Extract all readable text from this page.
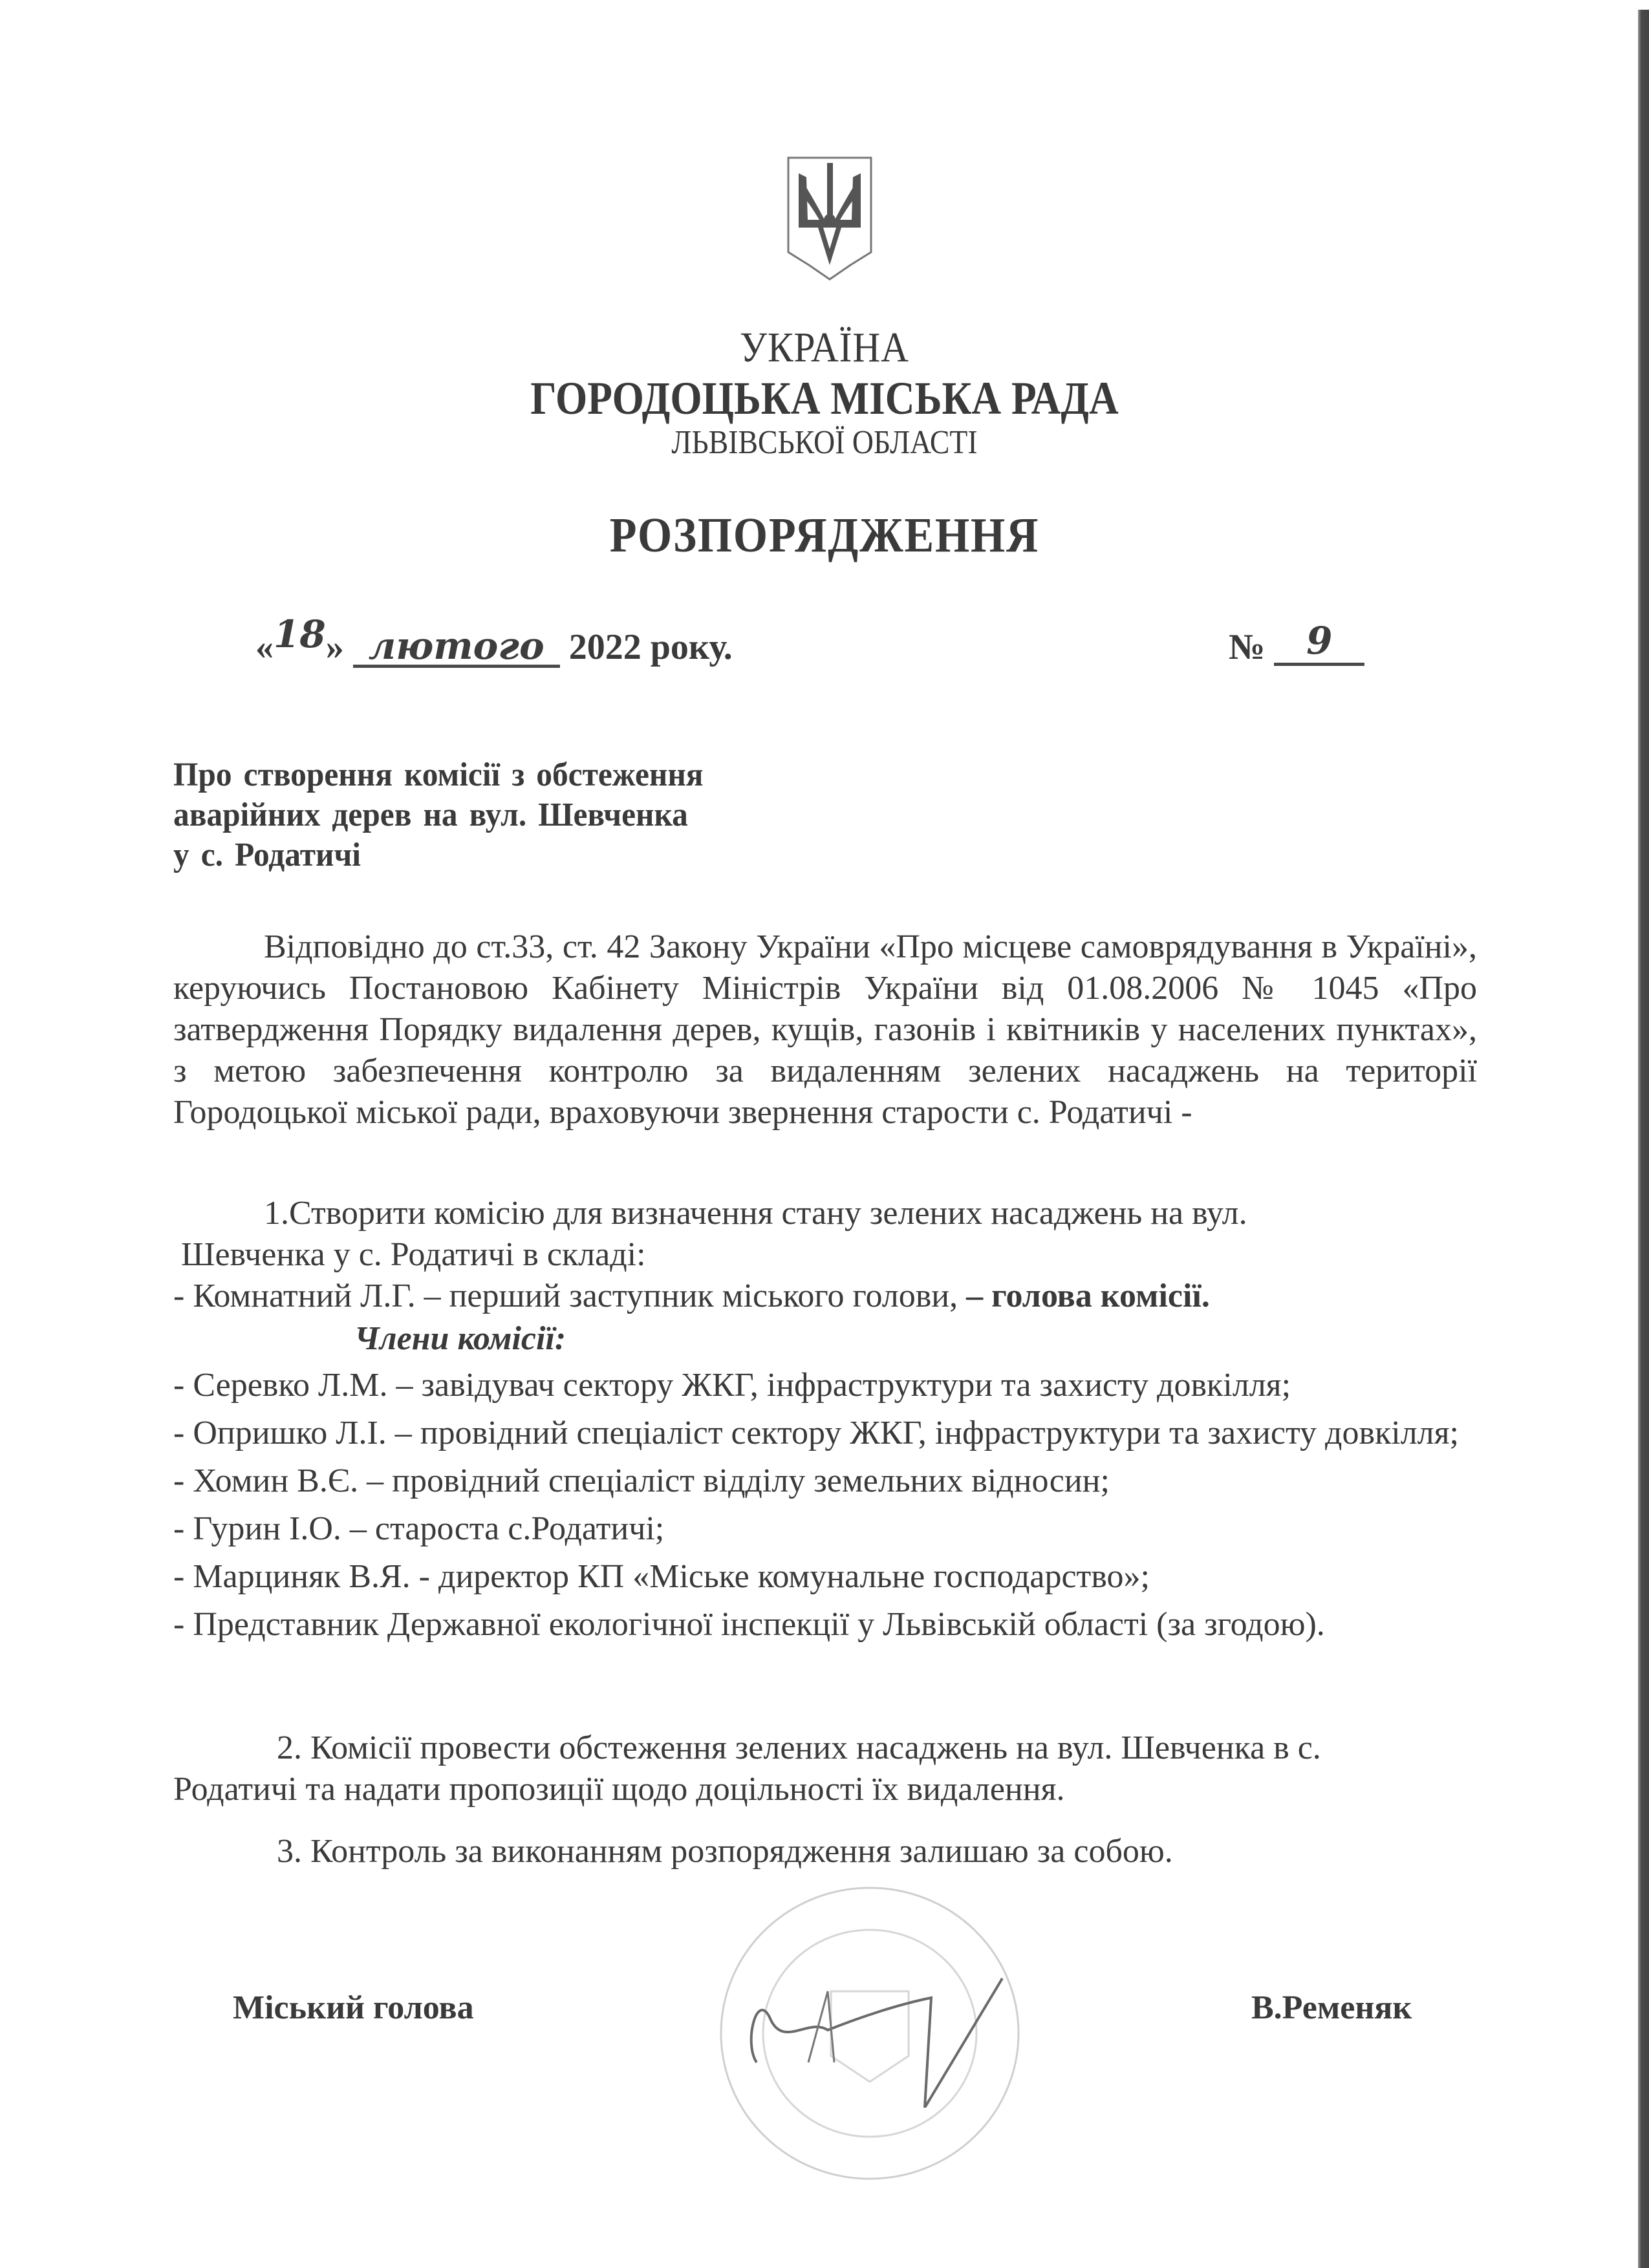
УКРАЇНА
ГОРОДОЦЬКА МІСЬКА РАДА
ЛЬВІВСЬКОЇ ОБЛАСТІ
РОЗПОРЯДЖЕННЯ
«18» лютого 2022 року.	№ 9
Про створення комісії з обстеження
аварійних дерев на вул. Шевченка
у с. Родатичі
Відповідно до ст.33, ст. 42 Закону України «Про місцеве самоврядування в Україні», керуючись Постановою Кабінету Міністрів України від 01.08.2006 № 1045 «Про затвердження Порядку видалення дерев, кущів, газонів і квітників у населених пунктах», з метою забезпечення контролю за видаленням зелених насаджень на території Городоцької міської ради, враховуючи звернення старости с. Родатичі -
1.Створити комісію для визначення стану зелених насаджень на вул.
Шевченка у с. Родатичі в складі:
- Комнатний Л.Г. – перший заступник міського голови, – голова комісії.
Члени комісії:
- Серевко Л.М. – завідувач сектору ЖКГ, інфраструктури та захисту довкілля;
- Опришко Л.І. – провідний спеціаліст сектору ЖКГ, інфраструктури та захисту довкілля;
- Хомин В.Є. – провідний спеціаліст відділу земельних відносин;
- Гурин І.О. – староста с.Родатичі;
- Марциняк В.Я. - директор КП «Міське комунальне господарство»;
- Представник Державної екологічної інспекції у Львівській області (за згодою).
2. Комісії провести обстеження зелених насаджень на вул. Шевченка в с. Родатичі та надати пропозиції щодо доцільності їх видалення.
3. Контроль за виконанням розпорядження залишаю за собою.
Міський голова	В.Ременяк
